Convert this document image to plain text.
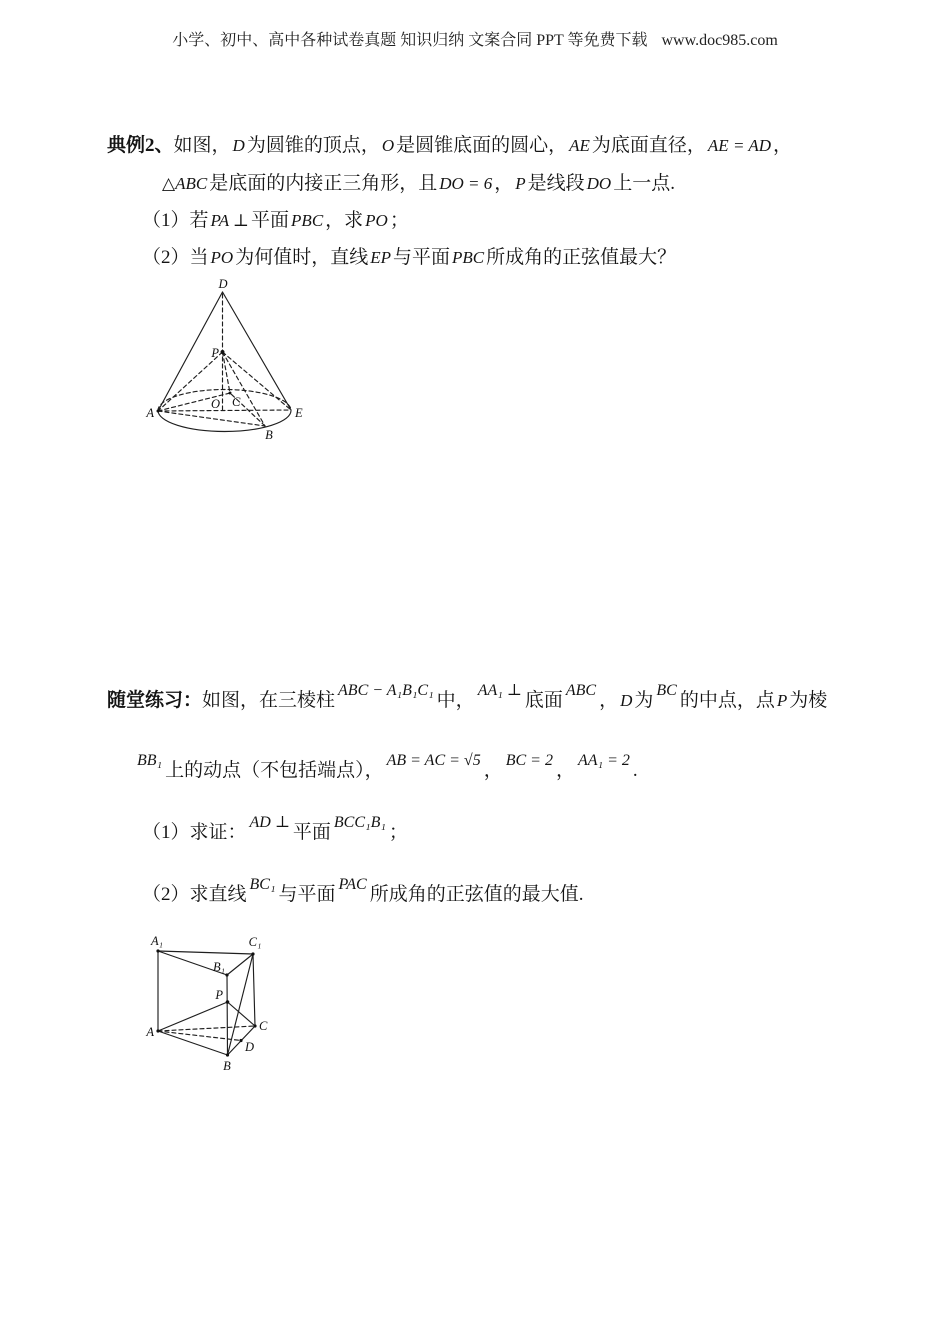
小学、初中、高中各种试卷真题 知识归纳 文案合同 PPT 等免费下载 www.doc985.com
典例2、如图， D 为圆锥的顶点， O 是圆锥底面的圆心， AE 为底面直径， AE = AD ，
△ABC 是底面的内接正三角形，且 DO = 6 ， P 是线段 DO 上一点.
（1）若 PA ⊥ 平面 PBC ，求 PO ；
（2）当 PO 为何值时，直线 EP 与平面 PBC 所成角的正弦值最大？
D
P
C
O
A	E
B
随堂练习：如图，在三棱柱 ABC − A₁B₁C₁ 中， AA₁ ⊥ 底面 ABC ， D 为 BC 的中点，点 P 为棱
BB₁ 上的动点（不包括端点）， AB = AC = √5 ， BC = 2 ， AA₁ = 2 .
（1）求证： AD ⊥ 平面 BCC₁B₁ ；
（2）求直线 BC₁ 与平面 PAC 所成角的正弦值的最大值.
A₁	C₁
B₁
P
A	C
D
B
